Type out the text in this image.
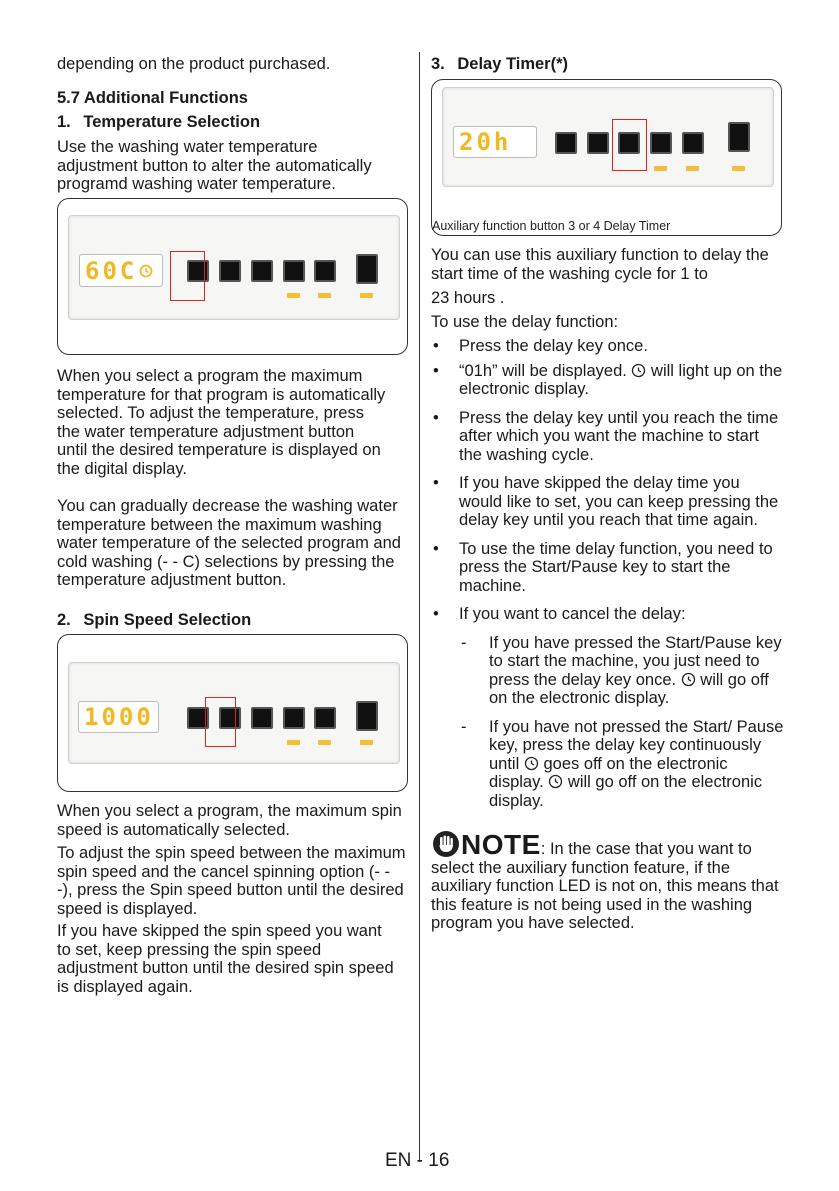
depending on the product purchased.
5.7 Additional Functions
1. Temperature Selection
Use the washing water temperature adjustment button to alter the automatically programd washing water temperature.
60C
When you select a program the maximum temperature for that program is automatically selected. To adjust the temperature, press the water temperature adjustment button until the desired temperature is displayed on the digital display.
You can gradually decrease the washing water temperature between the maximum washing water temperature of the selected program and cold washing (- - C) selections by pressing the temperature adjustment button.
2. Spin Speed Selection
1000
When you select a program, the maximum spin speed is automatically selected.
To adjust the spin speed between the maximum spin speed and the cancel spinning option (- - -), press the Spin speed button until the desired speed is displayed.
If you have skipped the spin speed you want to set, keep pressing the spin speed adjustment button until the desired spin speed is displayed again.
3. Delay Timer(*)
20h
Auxiliary function button 3 or 4 Delay Timer
You can use this auxiliary function to delay the start time of the washing cycle for 1 to
23 hours .
To use the delay function:
• Press the delay key once.
• “01h” will be displayed. will light up on the electronic display.
• Press the delay key until you reach the time after which you want the machine to start the washing cycle.
• If you have skipped the delay time you would like to set, you can keep pressing the delay key until you reach that time again.
• To use the time delay function, you need to press the Start/Pause key to start the machine.
• If you want to cancel the delay:
- If you have pressed the Start/Pause key to start the machine, you just need to press the delay key once. will go off on the electronic display.
- If you have not pressed the Start/ Pause key, press the delay key continuously until goes off on the electronic display. will go off on the electronic display.
NOTE: In the case that you want to select the auxiliary function feature, if the auxiliary function LED is not on, this means that this feature is not being used in the washing program you have selected.
EN - 16
